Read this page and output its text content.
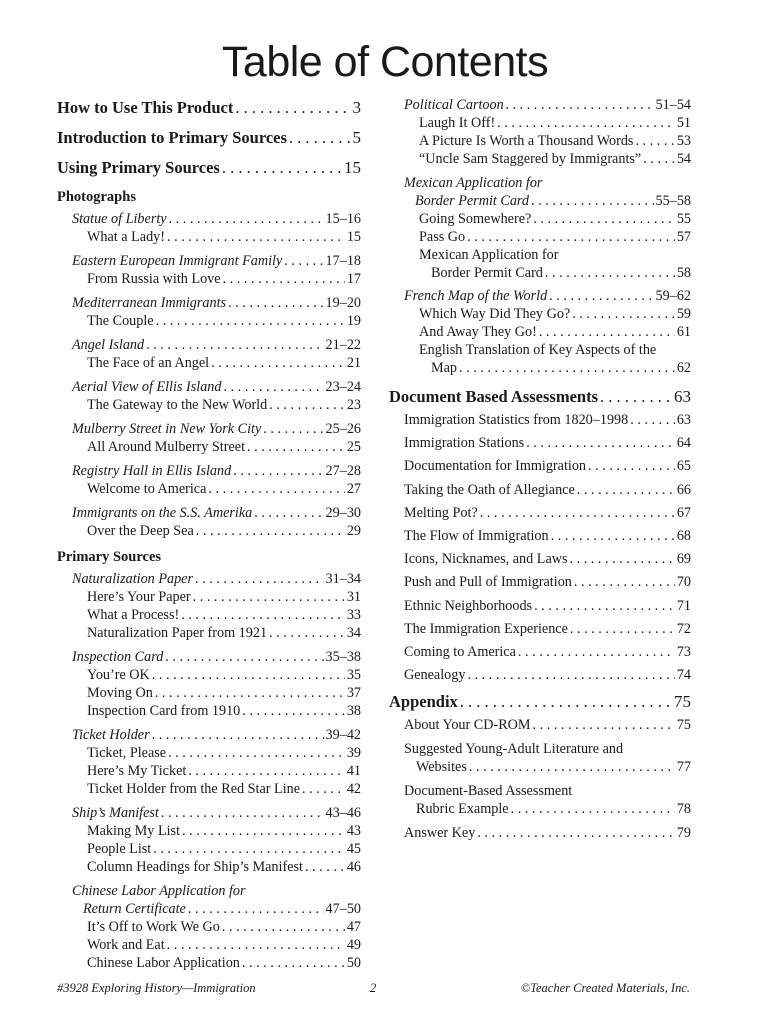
Table of Contents
How to Use This Product . . .	3
Introduction to Primary Sources . . .	5
Using Primary Sources . . .	15
Photographs
Statue of Liberty . . .	15–16
What a Lady! . . .	15
Eastern European Immigrant Family . . .	17–18
From Russia with Love . . .	17
Mediterranean Immigrants . . .	19–20
The Couple . . .	19
Angel Island . . .	21–22
The Face of an Angel . . .	21
Aerial View of Ellis Island . . .	23–24
The Gateway to the New World . . .	23
Mulberry Street in New York City . . .	25–26
All Around Mulberry Street . . .	25
Registry Hall in Ellis Island . . .	27–28
Welcome to America . . .	27
Immigrants on the S.S. Amerika . . .	29–30
Over the Deep Sea . . .	29
Primary Sources
Naturalization Paper . . .	31–34
Here’s Your Paper . . .	31
What a Process! . . .	33
Naturalization Paper from 1921 . . .	34
Inspection Card . . .	35–38
You’re OK . . .	35
Moving On . . .	37
Inspection Card from 1910 . . .	38
Ticket Holder . . .	39–42
Ticket, Please . . .	39
Here’s My Ticket . . .	41
Ticket Holder from the Red Star Line . . .	42
Ship’s Manifest . . .	43–46
Making My List . . .	43
People List . . .	45
Column Headings for Ship’s Manifest . . .	46
Chinese Labor Application for
Return Certificate . . .	47–50
It’s Off to Work We Go . . .	47
Work and Eat . . .	49
Chinese Labor Application . . .	50
Political Cartoon . . .	51–54
Laugh It Off! . . .	51
A Picture Is Worth a Thousand Words . . .	53
“Uncle Sam Staggered by Immigrants” . . .	54
Mexican Application for
Border Permit Card . . .	55–58
Going Somewhere? . . .	55
Pass Go . . .	57
Mexican Application for
Border Permit Card . . .	58
French Map of the World . . .	59–62
Which Way Did They Go? . . .	59
And Away They Go! . . .	61
English Translation of Key Aspects of the
Map . . .	62
Document Based Assessments . . .	63
Immigration Statistics from 1820–1998 . . .	63
Immigration Stations . . .	64
Documentation for Immigration . . .	65
Taking the Oath of Allegiance . . .	66
Melting Pot? . . .	67
The Flow of Immigration . . .	68
Icons, Nicknames, and Laws . . .	69
Push and Pull of Immigration . . .	70
Ethnic Neighborhoods . . .	71
The Immigration Experience . . .	72
Coming to America . . .	73
Genealogy . . .	74
Appendix . . .	75
About Your CD-ROM . . .	75
Suggested Young-Adult Literature and
Websites . . .	77
Document-Based Assessment
Rubric Example . . .	78
Answer Key . . .	79
#3928 Exploring History—Immigration	2	©Teacher Created Materials, Inc.
